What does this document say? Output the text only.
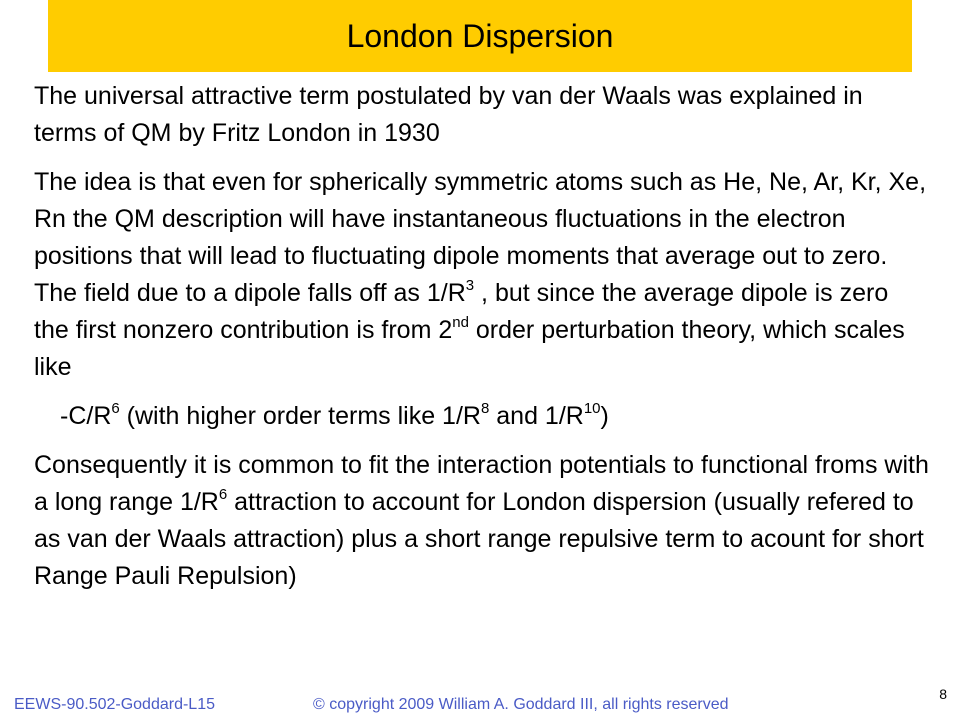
London Dispersion

The universal attractive term postulated by van der Waals was explained in terms of QM by Fritz London in 1930

The idea is that even for spherically symmetric atoms such as He, Ne, Ar, Kr, Xe, Rn the QM description will have instantaneous fluctuations in the electron positions that will lead to fluctuating dipole moments that average out to zero. The field due to a dipole falls off as $1/R^3$ , but since the average dipole is zero the first nonzero contribution is from 2nd order perturbation theory, which scales like

$-C/R^6$ (with higher order terms like $1/R^8$ and $1/R^{10}$)

Consequently it is common to fit the interaction potentials to functional froms with a long range $1/R^6$ attraction to account for London dispersion (usually refered to as van der Waals attraction) plus a short range repulsive term to acount for short Range Pauli Repulsion)

EEWS-90.502-Goddard-L15	© copyright 2009 William A. Goddard III, all rights reserved
8
